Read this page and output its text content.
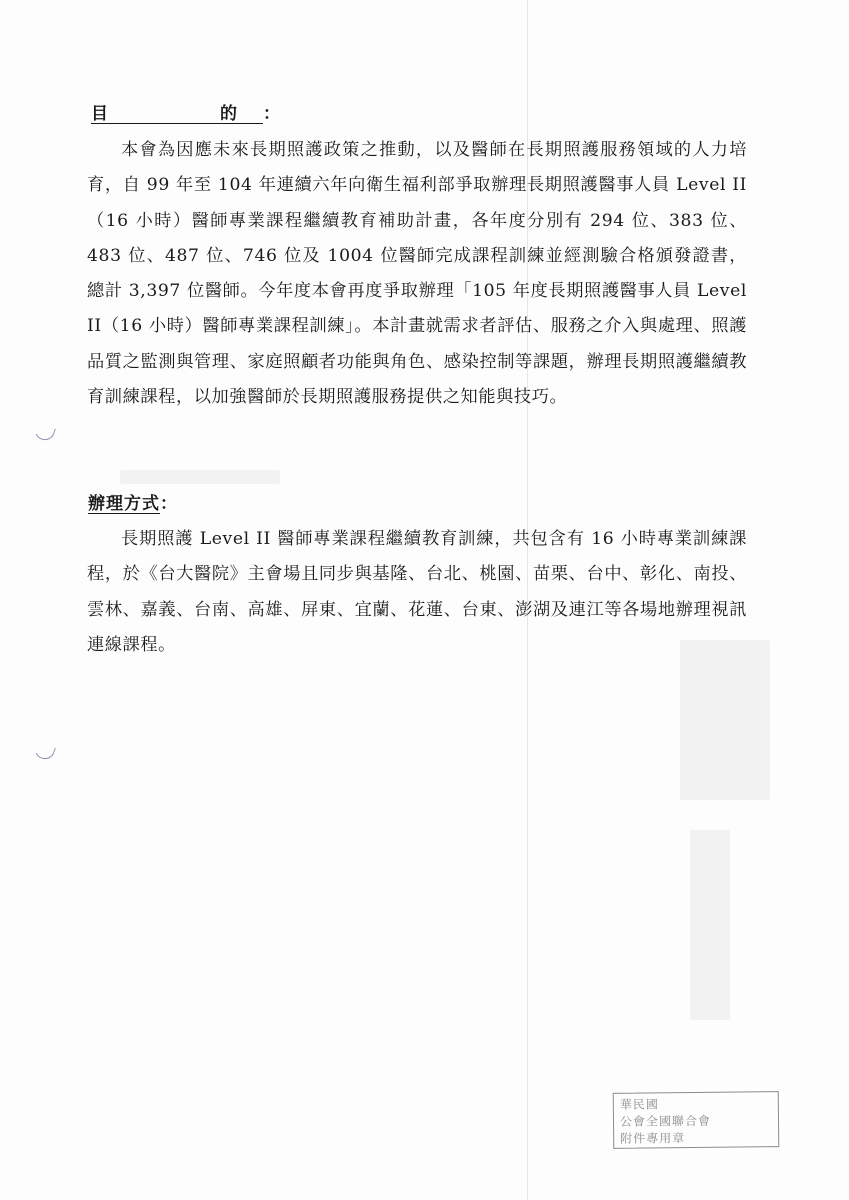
目　　的：

本會為因應未來長期照護政策之推動，以及醫師在長期照護服務領域的人力培育，自 99 年至 104 年連續六年向衛生福利部爭取辦理長期照護醫事人員 Level II（16 小時）醫師專業課程繼續教育補助計畫，各年度分別有 294 位、383 位、483 位、487 位、746 位及 1004 位醫師完成課程訓練並經測驗合格頒發證書，總計 3,397 位醫師。今年度本會再度爭取辦理「105 年度長期照護醫事人員 Level II（16 小時）醫師專業課程訓練」。本計畫就需求者評估、服務之介入與處理、照護品質之監測與管理、家庭照顧者功能與角色、感染控制等課題，辦理長期照護繼續教育訓練課程，以加強醫師於長期照護服務提供之知能與技巧。

辦理方式：

長期照護 Level II 醫師專業課程繼續教育訓練，共包含有 16 小時專業訓練課程，於《台大醫院》主會場且同步與基隆、台北、桃園、苗栗、台中、彰化、南投、雲林、嘉義、台南、高雄、屏東、宜蘭、花蓮、台東、澎湖及連江等各場地辦理視訊連線課程。

華民國
公會全國聯合會
附件專用章
